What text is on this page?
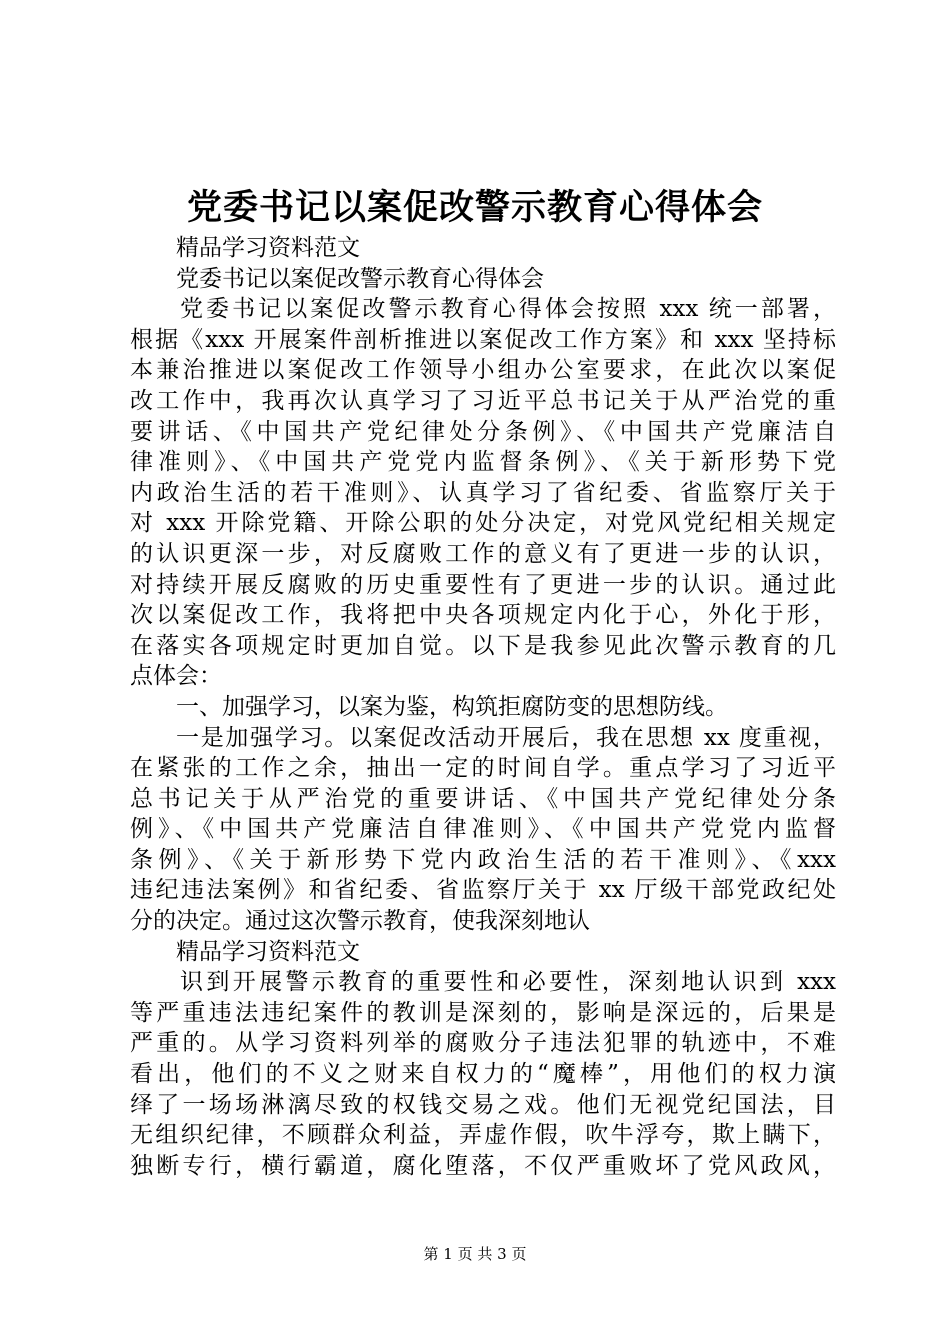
党委书记以案促改警示教育心得体会
精品学习资料范文
党委书记以案促改警示教育心得体会
党委书记以案促改警示教育心得体会按照 xxx 统一部署，
根据《xxx 开展案件剖析推进以案促改工作方案》和 xxx 坚持标
本兼治推进以案促改工作领导小组办公室要求，在此次以案促
改工作中，我再次认真学习了习近平总书记关于从严治党的重
要讲话、《中国共产党纪律处分条例》、《中国共产党廉洁自
律准则》、《中国共产党党内监督条例》、《关于新形势下党
内政治生活的若干准则》、认真学习了省纪委、省监察厅关于
对 xxx 开除党籍、开除公职的处分决定，对党风党纪相关规定
的认识更深一步，对反腐败工作的意义有了更进一步的认识，
对持续开展反腐败的历史重要性有了更进一步的认识。通过此
次以案促改工作，我将把中央各项规定内化于心，外化于形，
在落实各项规定时更加自觉。以下是我参见此次警示教育的几
点体会：
一、加强学习，以案为鉴，构筑拒腐防变的思想防线。
一是加强学习。以案促改活动开展后，我在思想 xx 度重视，
在紧张的工作之余，抽出一定的时间自学。重点学习了习近平
总书记关于从严治党的重要讲话、《中国共产党纪律处分条
例》、《中国共产党廉洁自律准则》、《中国共产党党内监督
条例》、《关于新形势下党内政治生活的若干准则》、《xxx
违纪违法案例》和省纪委、省监察厅关于 xx 厅级干部党政纪处
分的决定。通过这次警示教育，使我深刻地认
精品学习资料范文
识到开展警示教育的重要性和必要性，深刻地认识到 xxx
等严重违法违纪案件的教训是深刻的，影响是深远的，后果是
严重的。从学习资料列举的腐败分子违法犯罪的轨迹中，不难
看出，他们的不义之财来自权力的“魔棒”，用他们的权力演
绎了一场场淋漓尽致的权钱交易之戏。他们无视党纪国法，目
无组织纪律，不顾群众利益，弄虚作假，吹牛浮夸，欺上瞒下，
独断专行，横行霸道，腐化堕落，不仅严重败坏了党风政风，
第 1 页 共 3 页
